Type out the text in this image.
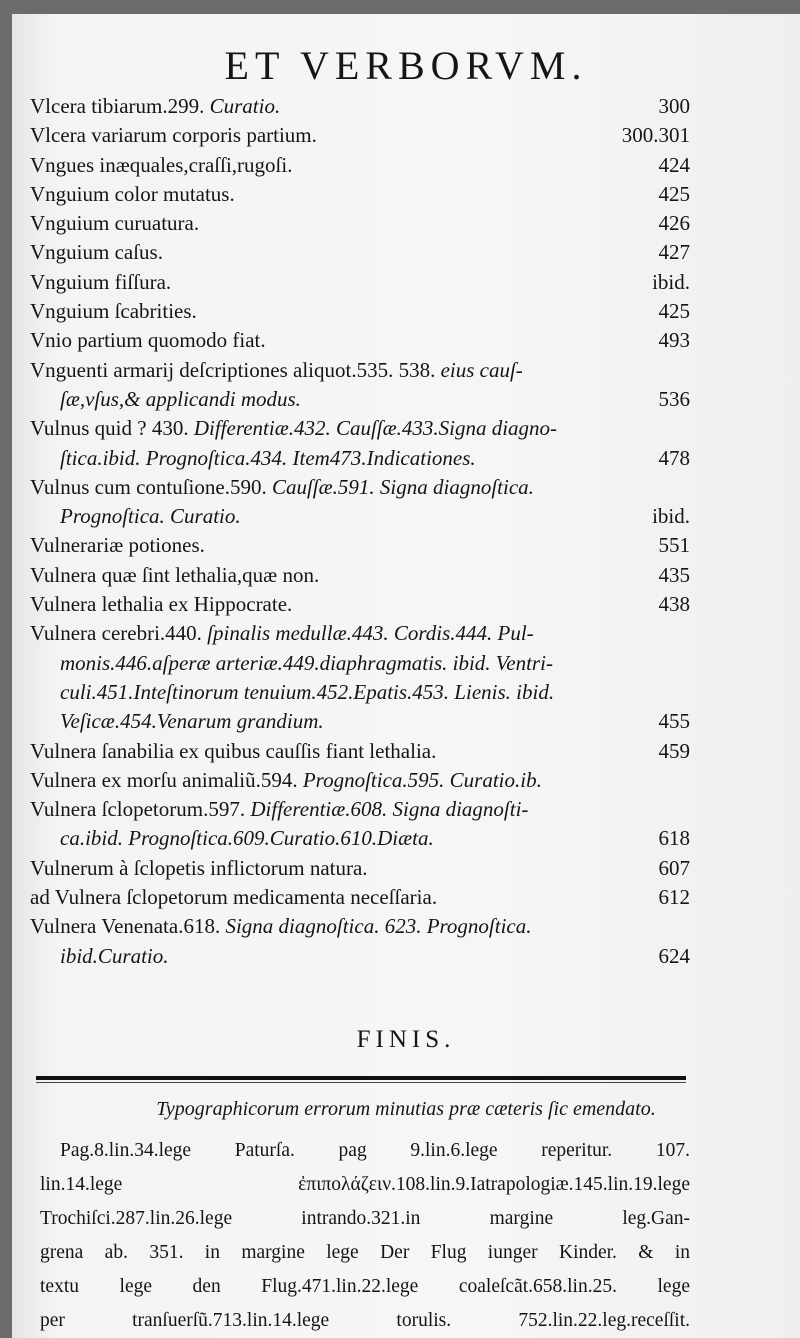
ET VERBORVM.
Vlcera tibiarum.299. Curatio.	300
Vlcera variarum corporis partium.	300.301
Vngues inæquales,craſſi,rugoſi.	424
Vnguium color mutatus.	425
Vnguium curuatura.	426
Vnguium caſus.	427
Vnguium fiſſura.	ibid.
Vnguium ſcabrities.	425
Vnio partium quomodo fiat.	493
Vnguenti armarij deſcriptiones aliquot.535. 538. eius cauſ-
ſæ,vſus,& applicandi modus.	536
Vulnus quid ? 430. Differentiæ.432. Cauſſæ.433.Signa diagno-
ſtica.ibid. Prognoſtica.434. Item473.Indicationes.	478
Vulnus cum contuſione.590. Cauſſæ.591. Signa diagnoſtica.
Prognoſtica. Curatio.	ibid.
Vulnerariæ potiones.	551
Vulnera quæ ſint lethalia,quæ non.	435
Vulnera lethalia ex Hippocrate.	438
Vulnera cerebri.440. ſpinalis medullæ.443. Cordis.444. Pul-
monis.446.aſperæ arteriæ.449.diaphragmatis. ibid. Ventri-
culi.451.Inteſtinorum tenuium.452.Epatis.453. Lienis. ibid.
Veſicæ.454.Venarum grandium.	455
Vulnera ſanabilia ex quibus cauſſis fiant lethalia.	459
Vulnera ex morſu animaliũ.594. Prognoſtica.595. Curatio.ib.
Vulnera ſclopetorum.597. Differentiæ.608. Signa diagnoſti-
ca.ibid. Prognoſtica.609.Curatio.610.Diæta.	618
Vulnerum à ſclopetis inflictorum natura.	607
ad Vulnera ſclopetorum medicamenta neceſſaria.	612
Vulnera Venenata.618. Signa diagnoſtica. 623. Prognoſtica.
ibid.Curatio.	624
FINIS.
Typographicorum errorum minutias præ cæteris ſic emendato.
Pag.8.lin.34.lege Paturſa. pag 9.lin.6.lege reperitur. 107.
lin.14.lege ἐπιπολάζειν.108.lin.9.Iatrapologiæ.145.lin.19.lege
Trochiſci.287.lin.26.lege intrando.321.in margine leg.Gan-
grena ab. 351. in margine lege Der Flug iunger Kinder. & in
textu lege den Flug.471.lin.22.lege coaleſcãt.658.lin.25. lege
per tranſuerſũ.713.lin.14.lege torulis. 752.lin.22.leg.receſſit.
